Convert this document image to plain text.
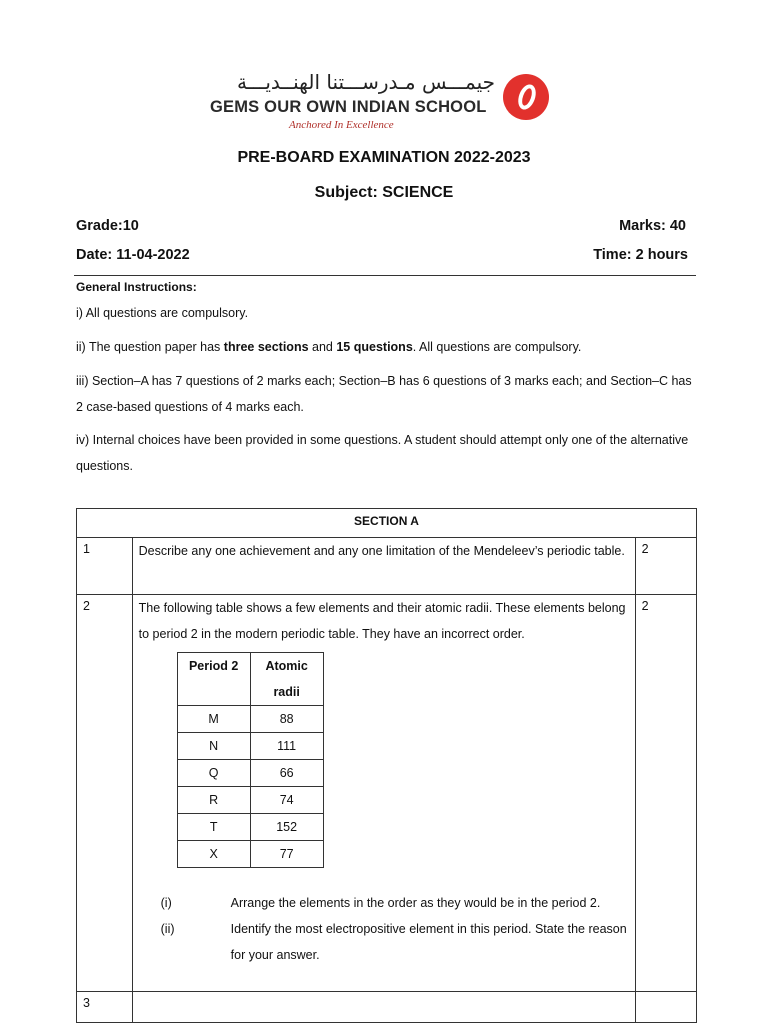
جيمـــس مـدرســـتنا الهنــديـــة
GEMS OUR OWN INDIAN SCHOOL
Anchored In Excellence
PRE-BOARD EXAMINATION 2022-2023
Subject: SCIENCE
Grade:10	Marks: 40
Date: 11-04-2022	Time: 2 hours
General Instructions:
i) All questions are compulsory.
ii) The question paper has three sections and 15 questions. All questions are compulsory.
iii) Section–A has 7 questions of 2 marks each; Section–B has 6 questions of 3 marks each; and Section–C has 2 case-based questions of 4 marks each.
iv) Internal choices have been provided in some questions. A student should attempt only one of the alternative questions.
SECTION A
1	Describe any one achievement and any one limitation of the Mendeleev’s periodic table.	2
2	The following table shows a few elements and their atomic radii. These elements belong to period 2 in the modern periodic table. They have an incorrect order.
Period 2	Atomic radii
M	88
N	111
Q	66
R	74
T	152
X	77
(i)	Arrange the elements in the order as they would be in the period 2.
(ii)	Identify the most electropositive element in this period. State the reason for your answer.
	2
3		
